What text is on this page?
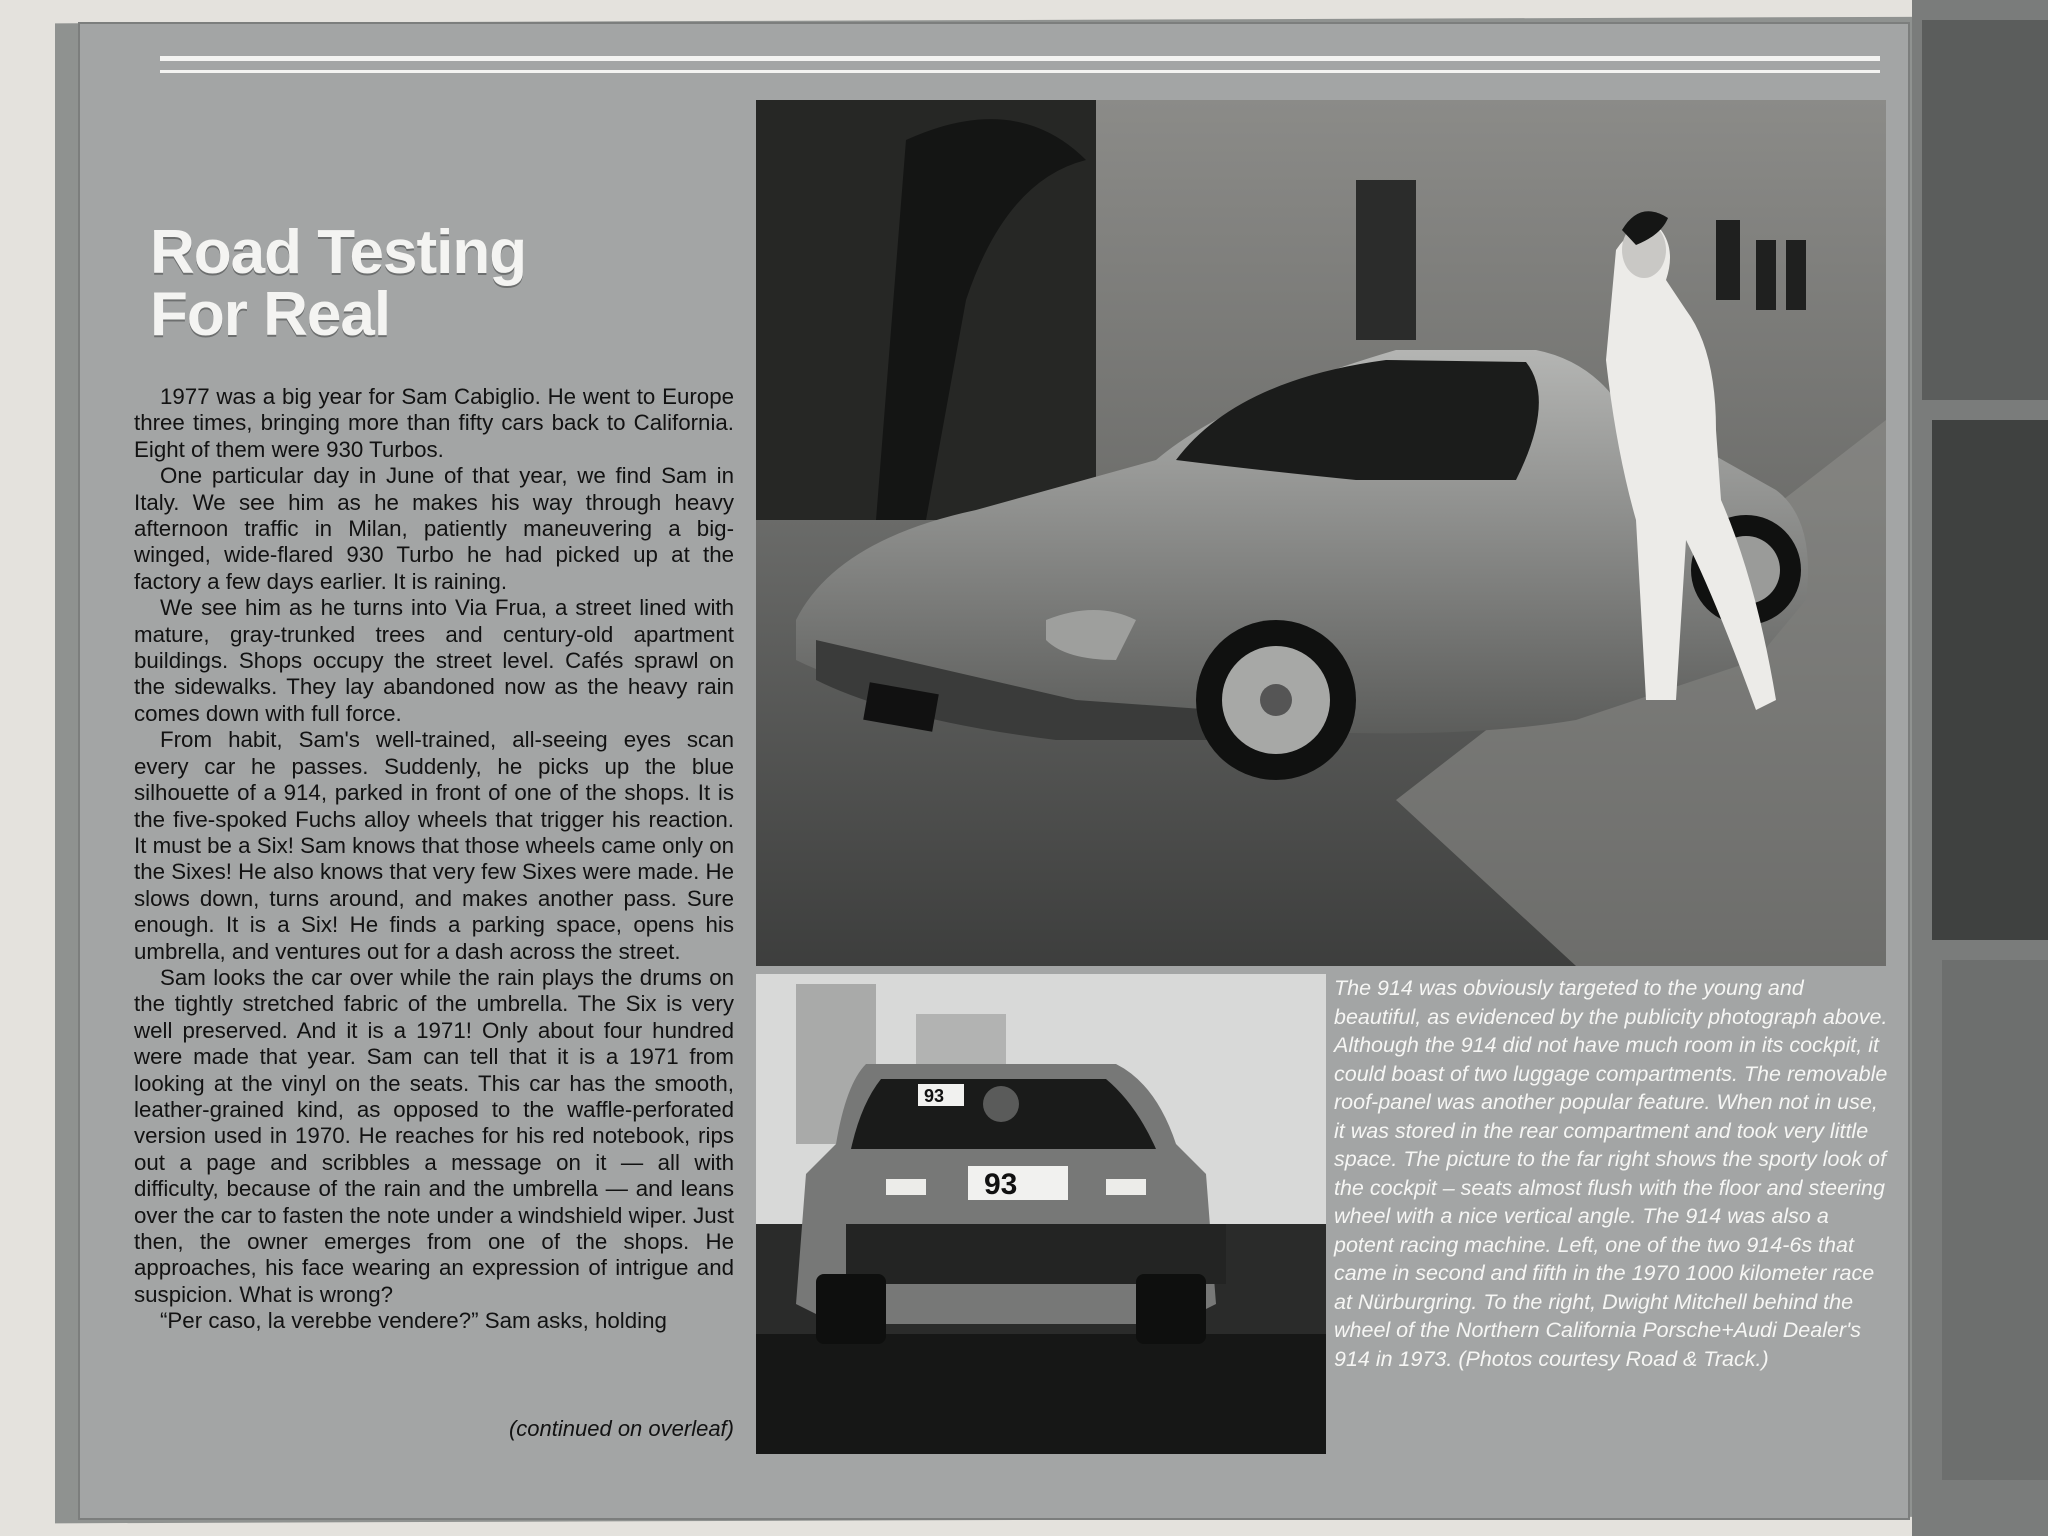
Road Testing
For Real

1977 was a big year for Sam Cabiglio. He went to Europe three times, bringing more than fifty cars back to California. Eight of them were 930 Turbos.

One particular day in June of that year, we find Sam in Italy. We see him as he makes his way through heavy afternoon traffic in Milan, patiently maneuvering a big-winged, wide-flared 930 Turbo he had picked up at the factory a few days earlier. It is raining.

We see him as he turns into Via Frua, a street lined with mature, gray-trunked trees and century-old apartment buildings. Shops occupy the street level. Cafés sprawl on the sidewalks. They lay abandoned now as the heavy rain comes down with full force.

From habit, Sam's well-trained, all-seeing eyes scan every car he passes. Suddenly, he picks up the blue silhouette of a 914, parked in front of one of the shops. It is the five-spoked Fuchs alloy wheels that trigger his reaction. It must be a Six! Sam knows that those wheels came only on the Sixes! He also knows that very few Sixes were made. He slows down, turns around, and makes another pass. Sure enough. It is a Six! He finds a parking space, opens his umbrella, and ventures out for a dash across the street.

Sam looks the car over while the rain plays the drums on the tightly stretched fabric of the umbrella. The Six is very well preserved. And it is a 1971! Only about four hundred were made that year. Sam can tell that it is a 1971 from looking at the vinyl on the seats. This car has the smooth, leather-grained kind, as opposed to the waffle-perforated version used in 1970. He reaches for his red notebook, rips out a page and scribbles a message on it — all with difficulty, because of the rain and the umbrella — and leans over the car to fasten the note under a windshield wiper. Just then, the owner emerges from one of the shops. He approaches, his face wearing an expression of intrigue and suspicion. What is wrong?

“Per caso, la verebbe vendere?” Sam asks, holding

(continued on overleaf)
93
93
The 914 was obviously targeted to the young and beautiful, as evidenced by the publicity photograph above. Although the 914 did not have much room in its cockpit, it could boast of two luggage compartments. The removable roof-panel was another popular feature. When not in use, it was stored in the rear compartment and took very little space. The picture to the far right shows the sporty look of the cockpit – seats almost flush with the floor and steering wheel with a nice vertical angle. The 914 was also a potent racing machine. Left, one of the two 914-6s that came in second and fifth in the 1970 1000 kilometer race at Nürburgring. To the right, Dwight Mitchell behind the wheel of the Northern California Porsche+Audi Dealer's 914 in 1973. (Photos courtesy Road & Track.)
